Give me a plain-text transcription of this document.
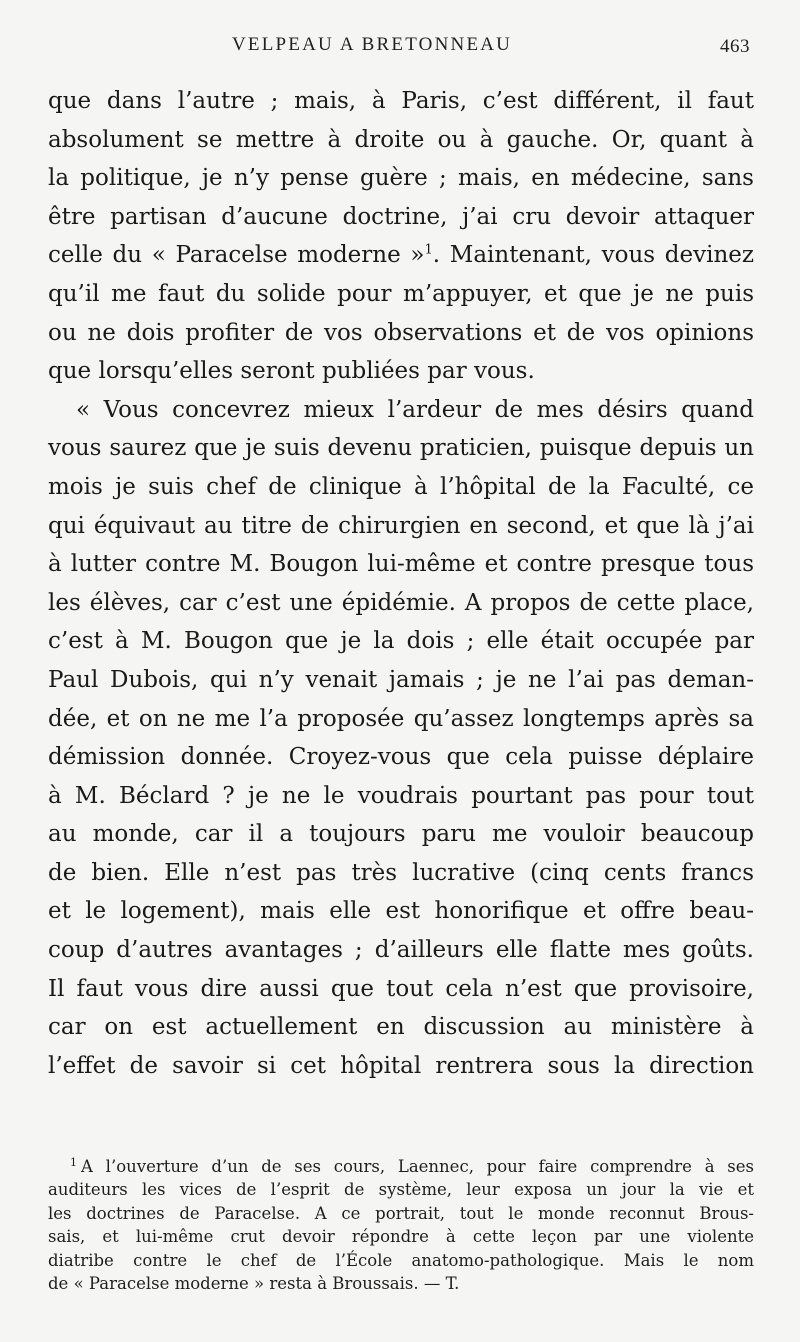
VELPEAU A BRETONNEAU	463
que dans l’autre ; mais, à Paris, c’est différent, il faut
absolument se mettre à droite ou à gauche. Or, quant à
la politique, je n’y pense guère ; mais, en médecine, sans
être partisan d’aucune doctrine, j’ai cru devoir attaquer
celle du « Paracelse moderne »$^1$. Maintenant, vous devinez
qu’il me faut du solide pour m’appuyer, et que je ne puis
ou ne dois profiter de vos observations et de vos opinions
que lorsqu’elles seront publiées par vous.
« Vous concevrez mieux l’ardeur de mes désirs quand
vous saurez que je suis devenu praticien, puisque depuis un
mois je suis chef de clinique à l’hôpital de la Faculté, ce
qui équivaut au titre de chirurgien en second, et que là j’ai
à lutter contre M. Bougon lui-même et contre presque tous
les élèves, car c’est une épidémie. A propos de cette place,
c’est à M. Bougon que je la dois ; elle était occupée par
Paul Dubois, qui n’y venait jamais ; je ne l’ai pas deman-
dée, et on ne me l’a proposée qu’assez longtemps après sa
démission donnée. Croyez-vous que cela puisse déplaire
à M. Béclard ? je ne le voudrais pourtant pas pour tout
au monde, car il a toujours paru me vouloir beaucoup
de bien. Elle n’est pas très lucrative (cinq cents francs
et le logement), mais elle est honorifique et offre beau-
coup d’autres avantages ; d’ailleurs elle flatte mes goûts.
Il faut vous dire aussi que tout cela n’est que provisoire,
car on est actuellement en discussion au ministère à
l’effet de savoir si cet hôpital rentrera sous la direction
$^1$ A l’ouverture d’un de ses cours, Laennec, pour faire comprendre à ses
auditeurs les vices de l’esprit de système, leur exposa un jour la vie et
les doctrines de Paracelse. A ce portrait, tout le monde reconnut Brous-
sais, et lui-même crut devoir répondre à cette leçon par une violente
diatribe contre le chef de l’École anatomo-pathologique. Mais le nom
de « Paracelse moderne » resta à Broussais. — T.
